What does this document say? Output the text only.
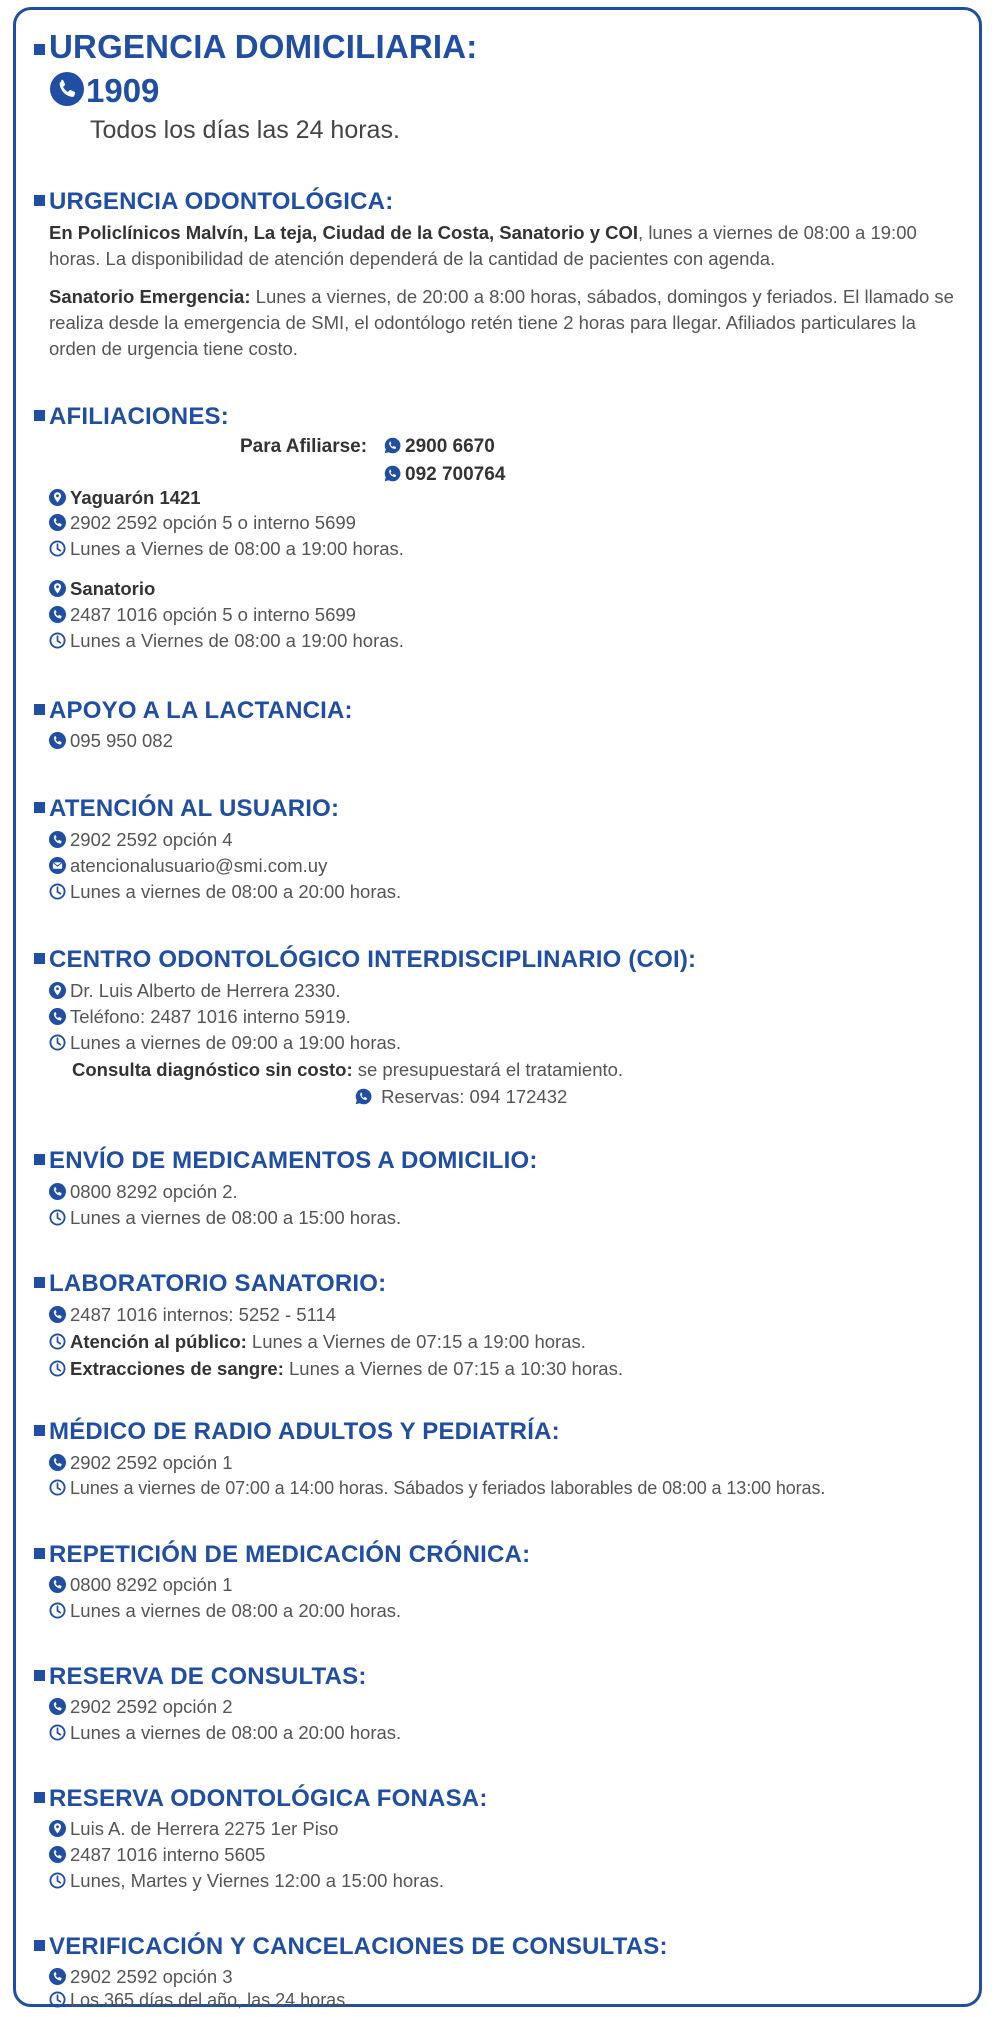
URGENCIA DOMICILIARIA:
1909
Todos los días las 24 horas.
URGENCIA ODONTOLÓGICA:
En Policlínicos Malvín, La teja, Ciudad de la Costa, Sanatorio y COI, lunes a viernes de 08:00 a 19:00 horas. La disponibilidad de atención dependerá de la cantidad de pacientes con agenda.
Sanatorio Emergencia: Lunes a viernes, de 20:00 a 8:00 horas, sábados, domingos y feriados. El llamado se realiza desde la emergencia de SMI, el odontólogo retén tiene 2 horas para llegar. Afiliados particulares la orden de urgencia tiene costo.
AFILIACIONES:
Para Afiliarse:	2900 6670
092 700764
Yaguarón 1421
2902 2592 opción 5 o interno 5699
Lunes a Viernes de 08:00 a 19:00 horas.
Sanatorio
2487 1016 opción 5 o interno 5699
Lunes a Viernes de 08:00 a 19:00 horas.
APOYO A LA LACTANCIA:
095 950 082
ATENCIÓN AL USUARIO:
2902 2592 opción 4
atencionalusuario@smi.com.uy
Lunes a viernes de 08:00 a 20:00 horas.
CENTRO ODONTOLÓGICO INTERDISCIPLINARIO (COI):
Dr. Luis Alberto de Herrera 2330.
Teléfono: 2487 1016 interno 5919.
Lunes a viernes de 09:00 a 19:00 horas.
Consulta diagnóstico sin costo: se presupuestará el tratamiento.
Reservas: 094 172432
ENVÍO DE MEDICAMENTOS A DOMICILIO:
0800 8292 opción 2.
Lunes a viernes de 08:00 a 15:00 horas.
LABORATORIO SANATORIO:
2487 1016 internos: 5252 - 5114
Atención al público: Lunes a Viernes de 07:15 a 19:00 horas.
Extracciones de sangre: Lunes a Viernes de 07:15 a 10:30 horas.
MÉDICO DE RADIO ADULTOS Y PEDIATRÍA:
2902 2592 opción 1
Lunes a viernes de 07:00 a 14:00 horas. Sábados y feriados laborables de 08:00 a 13:00 horas.
REPETICIÓN DE MEDICACIÓN CRÓNICA:
0800 8292 opción 1
Lunes a viernes de 08:00 a 20:00 horas.
RESERVA DE CONSULTAS:
2902 2592 opción 2
Lunes a viernes de 08:00 a 20:00 horas.
RESERVA ODONTOLÓGICA FONASA:
Luis A. de Herrera 2275 1er Piso
2487 1016 interno 5605
Lunes, Martes y Viernes 12:00 a 15:00 horas.
VERIFICACIÓN Y CANCELACIONES DE CONSULTAS:
2902 2592 opción 3
Los 365 días del año, las 24 horas.
